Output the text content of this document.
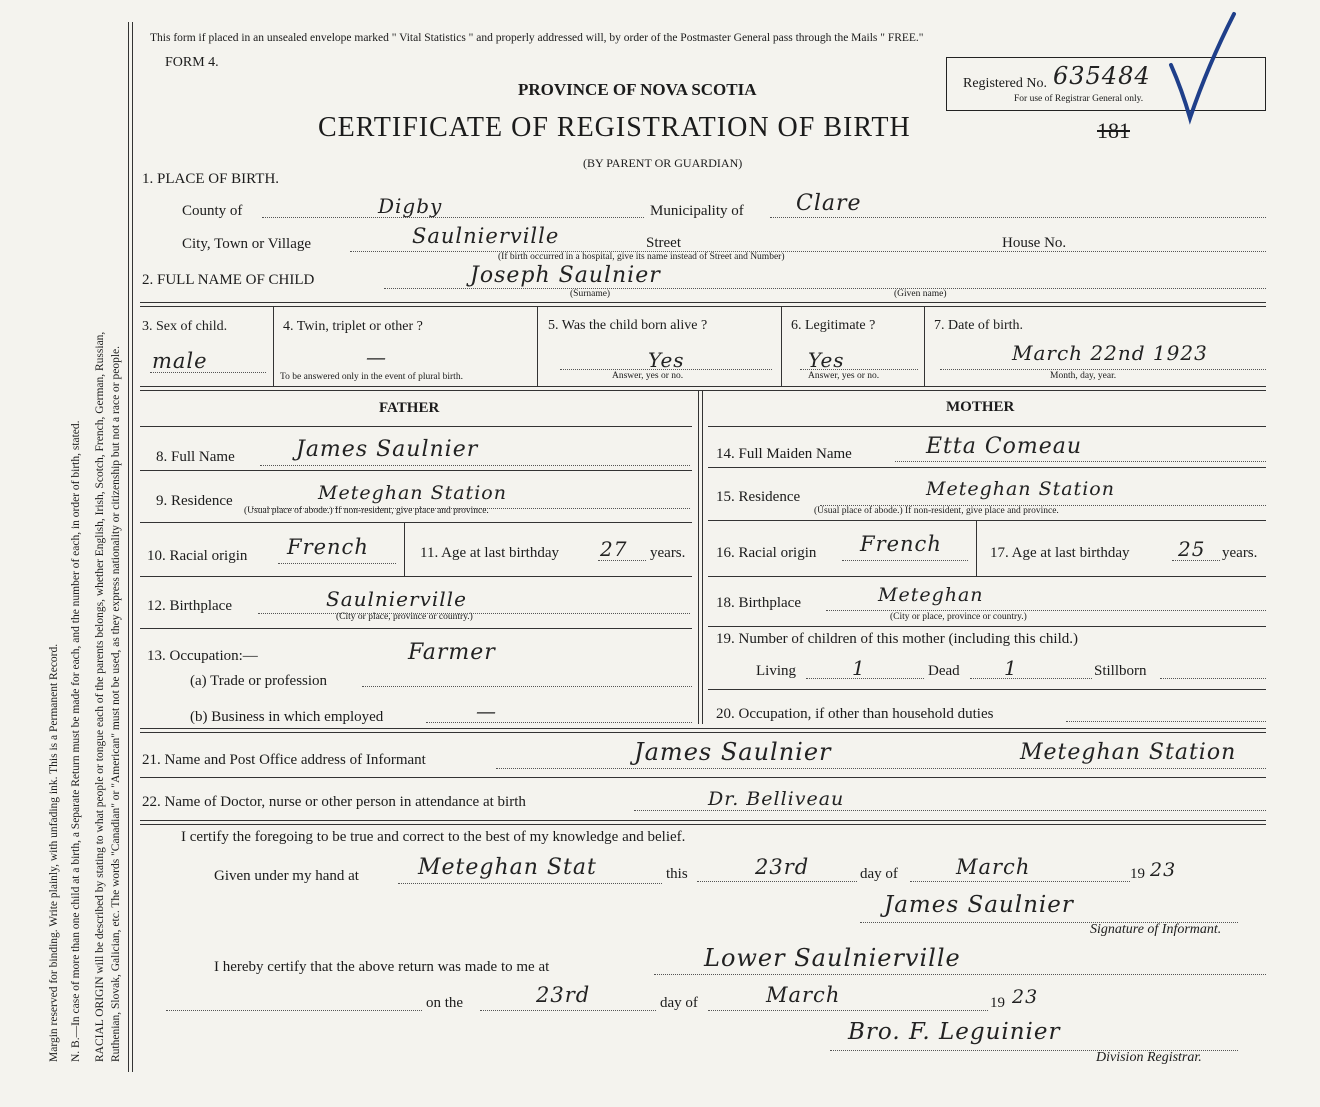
Margin reserved for binding. Write plainly, with unfading ink. This is a Permanent Record. N. B.—In case of more than one child at a birth, a Separate Return must be made for each, and the number of each, in order of birth, stated. RACIAL ORIGIN will be described by stating to what people or tongue each of the parents belongs, whether English, Irish, Scotch, French, German, Russian, Ruthenian, Slovak, Galician, etc. The words "Canadian" or "American" must not be used, as they express nationality or citizenship but not a race or people.
This form if placed in an unsealed envelope marked " Vital Statistics " and properly addressed will, by order of the Postmaster General pass through the Mails " FREE."
FORM 4.
PROVINCE OF NOVA SCOTIA
CERTIFICATE OF REGISTRATION OF BIRTH	181
(BY PARENT OR GUARDIAN)
Registered No. 635484
For use of Registrar General only.
1. PLACE OF BIRTH.
County of	Digby	Municipality of Clare
City, Town or Village	Saulnierville	Street	House No.
(If birth occurred in a hospital, give its name instead of Street and Number)
2. FULL NAME OF CHILD	Joseph Saulnier
(Surname)	(Given name)
3. Sex of child.
male
4. Twin, triplet or other ?
—
To be answered only in the event of plural birth.
5. Was the child born alive ?
Yes
Answer, yes or no.
6. Legitimate ?
Yes
Answer, yes or no.
7. Date of birth.
March 22nd 1923
Month, day, year.
FATHER	MOTHER
8. Full Name	James Saulnier	14. Full Maiden Name	Etta Comeau
9. Residence	Meteghan Station
(Usual place of abode.) If non-resident, give place and province.
15. Residence	Meteghan Station
(Usual place of abode.) If non-resident, give place and province.
10. Racial origin French	11. Age at last birthday 27 years. 16. Racial origin French	17. Age at last birthday 25 years.
12. Birthplace	Saulnierville
(City or place, province or country.)
18. Birthplace	Meteghan
(City or place, province or country.)
13. Occupation:—	Farmer
(a) Trade or profession
(b) Business in which employed	—
19. Number of children of this mother (including this child.)
Living	1	Dead 1	Stillborn
20. Occupation, if other than household duties
21. Name and Post Office address of Informant	James Saulnier	Meteghan Station
22. Name of Doctor, nurse or other person in attendance at birth	Dr. Belliveau
I certify the foregoing to be true and correct to the best of my knowledge and belief.
Given under my hand at	Meteghan Stat	this	23rd	day of	March	19 23
James Saulnier
Signature of Informant.
I hereby certify that the above return was made to me at	Lower Saulnierville
on the	23rd	day of	March	19 23
Bro. F. Leguinier
Division Registrar.
